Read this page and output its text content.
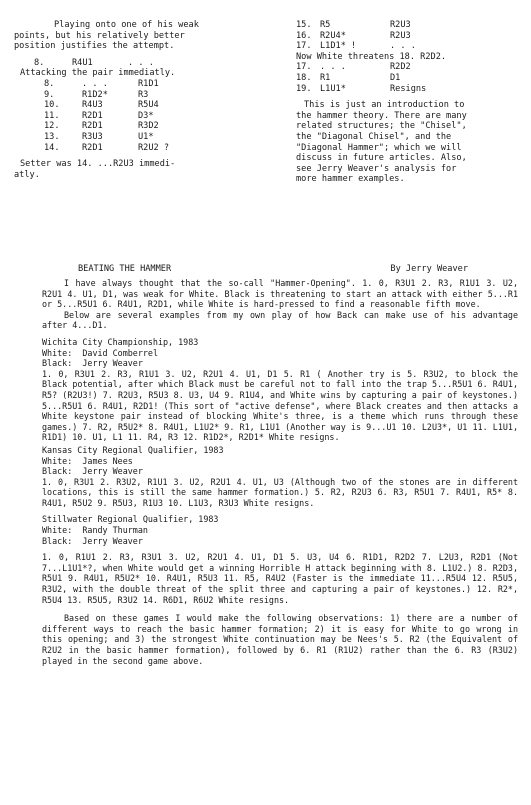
Playing onto one of his weak
points, but his relatively better
position justifies the attempt.
8.	R4U1	. . .
Attacking the pair immediatly.
8.	. . .	R1D1
9.	R1D2*	R3
10.	R4U3	R5U4
11.	R2D1	D3*
12.	R2D1	R3D2
13.	R3U3	U1*
14.	R2D1	R2U2 ?
Setter was 14. ...R2U3 immedi-
atly.
15. R5	R2U3
16. R2U4*	R2U3
17. L1D1* !	. . .
Now White threatens 18. R2D2.
17. . . .	R2D2
18. R1	D1
19. L1U1*	Resigns
This is just an introduction to
the hammer theory. There are many
related structures; the "Chisel",
the "Diagonal Chisel", and the
"Diagonal Hammer"; which we will
discuss in future articles. Also,
see Jerry Weaver's analysis for
more hammer examples.
BEATING THE HAMMER	By Jerry Weaver

I have always thought that the so-call "Hammer-Opening". 1. 0, R3U1 2. R3, R1U1 3. U2, R2U1 4. U1, D1, was weak for White. Black is threatening to start an attack with either 5...R1 or 5...R5U1 6. R4U1, R2D1, while White is hard-pressed to find a reasonable fifth move.

Below are several examples from my own play of how Back can make use of his advantage after 4...D1.

Wichita City Championship, 1983
White: David Comberrel
Black: Jerry Weaver

1. 0, R3U1 2. R3, R1U1 3. U2, R2U1 4. U1, D1 5. R1 ( Another try is 5. R3U2, to block the Black potential, after which Black must be careful not to fall into the trap 5...R5U1 6. R4U1, R5? (R2U3!) 7. R2U3, R5U3 8. U3, U4 9. R1U4, and White wins by capturing a pair of keystones.) 5...R5U1 6. R4U1, R2D1! (This sort of "active defense", where Black creates and then attacks a White keystone pair instead of blocking White's three, is a theme which runs through these games.) 7. R2, R5U2* 8. R4U1, L1U2* 9. R1, L1U1 (Another way is 9...U1 10. L2U3*, U1 11. L1U1, R1D1) 10. U1, L1 11. R4, R3 12. R1D2*, R2D1* White resigns.

Kansas City Regional Qualifier, 1983
White: James Nees
Black: Jerry Weaver

1. 0, R3U1 2. R3U2, R1U1 3. U2, R2U1 4. U1, U3 (Although two of the stones are in different locations, this is still the same hammer formation.) 5. R2, R2U3 6. R3, R5U1 7. R4U1, R5* 8. R4U1, R5U2 9. R5U3, R1U3 10. L1U3, R3U3 White resigns.

Stillwater Regional Qualifier, 1983
White: Randy Thurman
Black: Jerry Weaver

1. 0, R1U1 2. R3, R3U1 3. U2, R2U1 4. U1, D1 5. U3, U4 6. R1D1, R2D2 7. L2U3, R2D1 (Not 7...L1U1*?, when White would get a winning Horrible H attack beginning with 8. L1U2.) 8. R2D3, R5U1 9. R4U1, R5U2* 10. R4U1, R5U3 11. R5, R4U2 (Faster is the immediate 11...R5U4 12. R5U5, R3U2, with the double threat of the split three and capturing a pair of keystones.) 12. R2*, R5U4 13. R5U5, R3U2 14. R6D1, R6U2 White resigns.

Based on these games I would make the following observations: 1) there are a number of different ways to reach the basic hammer formation; 2) it is easy for White to go wrong in this opening; and 3) the strongest White continuation may be Nees's 5. R2 (the Equivalent of R2U2 in the basic hammer formation), followed by 6. R1 (R1U2) rather than the 6. R3 (R3U2) played in the second game above.
